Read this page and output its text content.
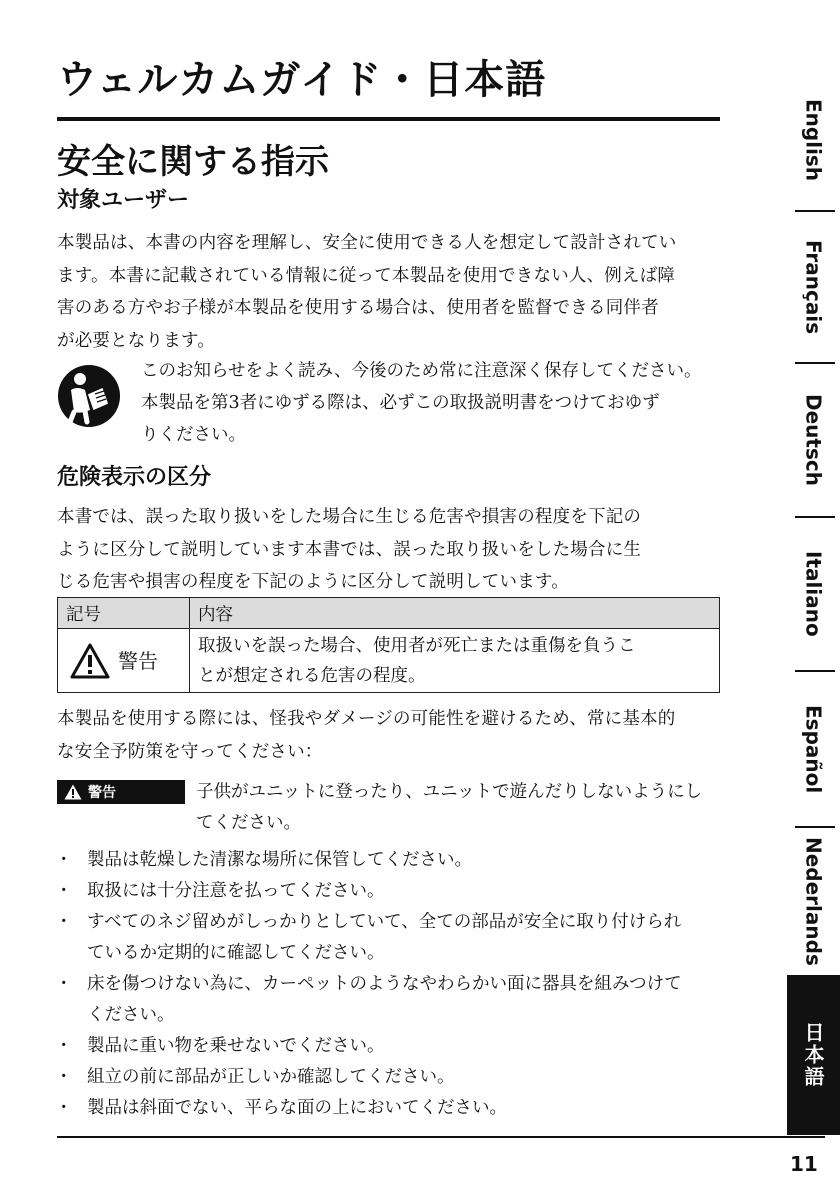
ウェルカムガイド・日本語
安全に関する指示
対象ユーザー

本製品は、本書の内容を理解し、安全に使用できる人を想定して設計されてい
ます。本書に記載されている情報に従って本製品を使用できない人、例えば障
害のある方やお子様が本製品を使用する場合は、使用者を監督できる同伴者
が必要となります。

このお知らせをよく読み、今後のため常に注意深く保存してください。
本製品を第3者にゆずる際は、必ずこの取扱説明書をつけておゆず
りください。

危険表示の区分

本書では、誤った取り扱いをした場合に生じる危害や損害の程度を下記の
ように区分して説明しています本書では、誤った取り扱いをした場合に生
じる危害や損害の程度を下記のように区分して説明しています。

記号	内容
警告	取扱いを誤った場合、使用者が死亡または重傷を負うこ
とが想定される危害の程度。

本製品を使用する際には、怪我やダメージの可能性を避けるため、常に基本的
な安全予防策を守ってください：

警告	子供がユニットに登ったり、ユニットで遊んだりしないようにし
てください。

・ 製品は乾燥した清潔な場所に保管してください。
・ 取扱には十分注意を払ってください。
・ すべてのネジ留めがしっかりとしていて、全ての部品が安全に取り付けられ
ているか定期的に確認してください。
・ 床を傷つけない為に、カーペットのようなやわらかい面に器具を組みつけて
ください。
・ 製品に重い物を乗せないでください。
・ 組立の前に部品が正しいか確認してください。
・ 製品は斜面でない、平らな面の上においてください。
11
English
Français
Deutsch
Italiano
Español
Nederlands
日本語
